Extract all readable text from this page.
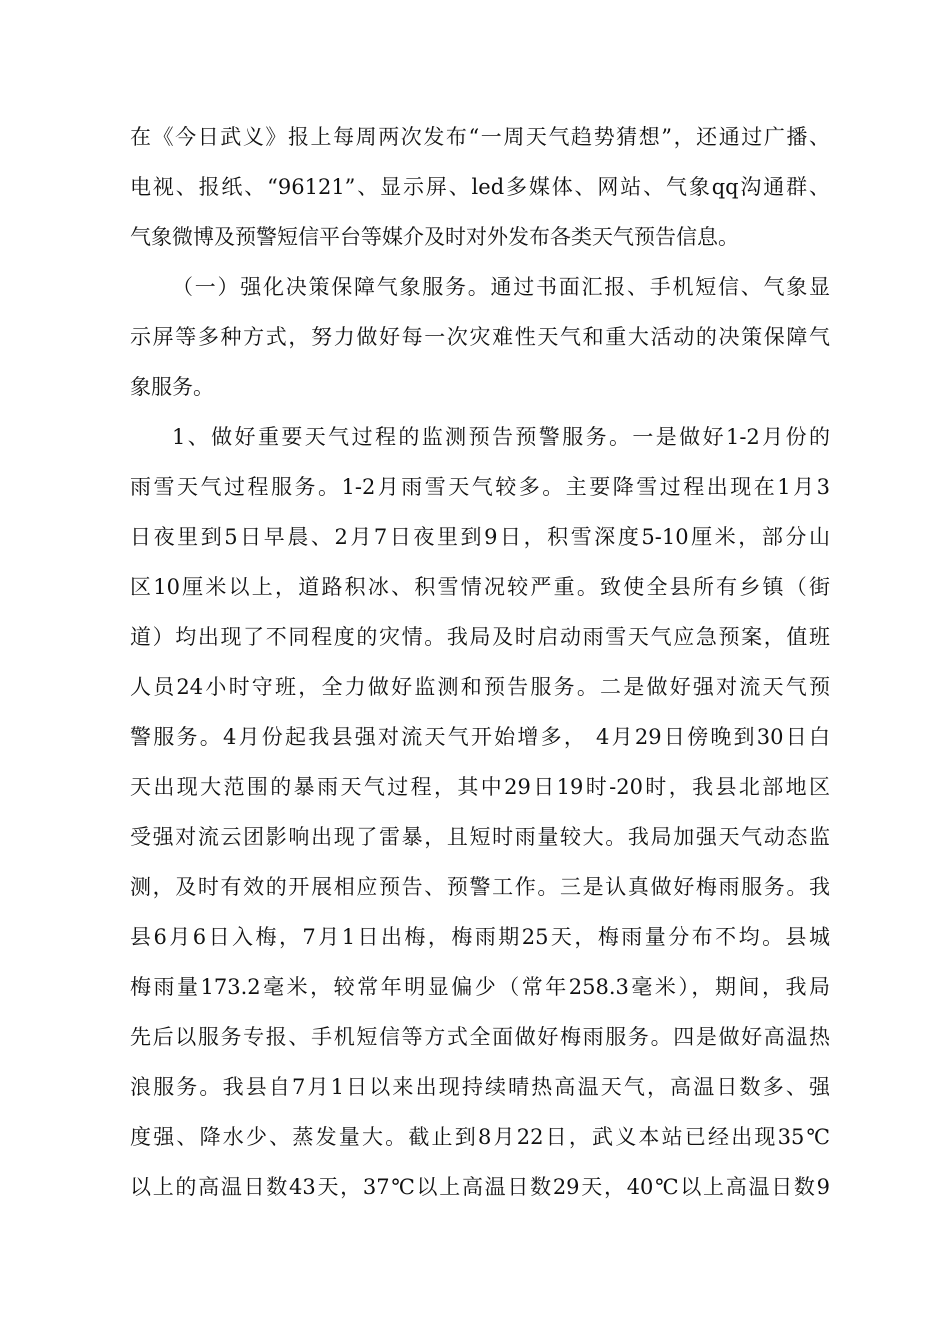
在《今日武义》报上每周两次发布“一周天气趋势猜想”，还通过广播、
电视、报纸、“96121”、显示屏、led多媒体、网站、气象qq沟通群、
气象微博及预警短信平台等媒介及时对外发布各类天气预告信息。
（一）强化决策保障气象服务。通过书面汇报、手机短信、气象显
示屏等多种方式，努力做好每一次灾难性天气和重大活动的决策保障气
象服务。
1、做好重要天气过程的监测预告预警服务。一是做好1-2月份的
雨雪天气过程服务。1-2月雨雪天气较多。主要降雪过程出现在1月3
日夜里到5日早晨、2月7日夜里到9日，积雪深度5-10厘米，部分山
区10厘米以上，道路积冰、积雪情况较严重。致使全县所有乡镇（街
道）均出现了不同程度的灾情。我局及时启动雨雪天气应急预案，值班
人员24小时守班，全力做好监测和预告服务。二是做好强对流天气预
警服务。4月份起我县强对流天气开始增多， 4月29日傍晚到30日白
天出现大范围的暴雨天气过程，其中29日19时-20时，我县北部地区
受强对流云团影响出现了雷暴，且短时雨量较大。我局加强天气动态监
测，及时有效的开展相应预告、预警工作。三是认真做好梅雨服务。我
县6月6日入梅，7月1日出梅，梅雨期25天，梅雨量分布不均。县城
梅雨量173.2毫米，较常年明显偏少（常年258.3毫米），期间，我局
先后以服务专报、手机短信等方式全面做好梅雨服务。四是做好高温热
浪服务。我县自7月1日以来出现持续晴热高温天气，高温日数多、强
度强、降水少、蒸发量大。截止到8月22日，武义本站已经出现35℃
以上的高温日数43天，37℃以上高温日数29天，40℃以上高温日数9
